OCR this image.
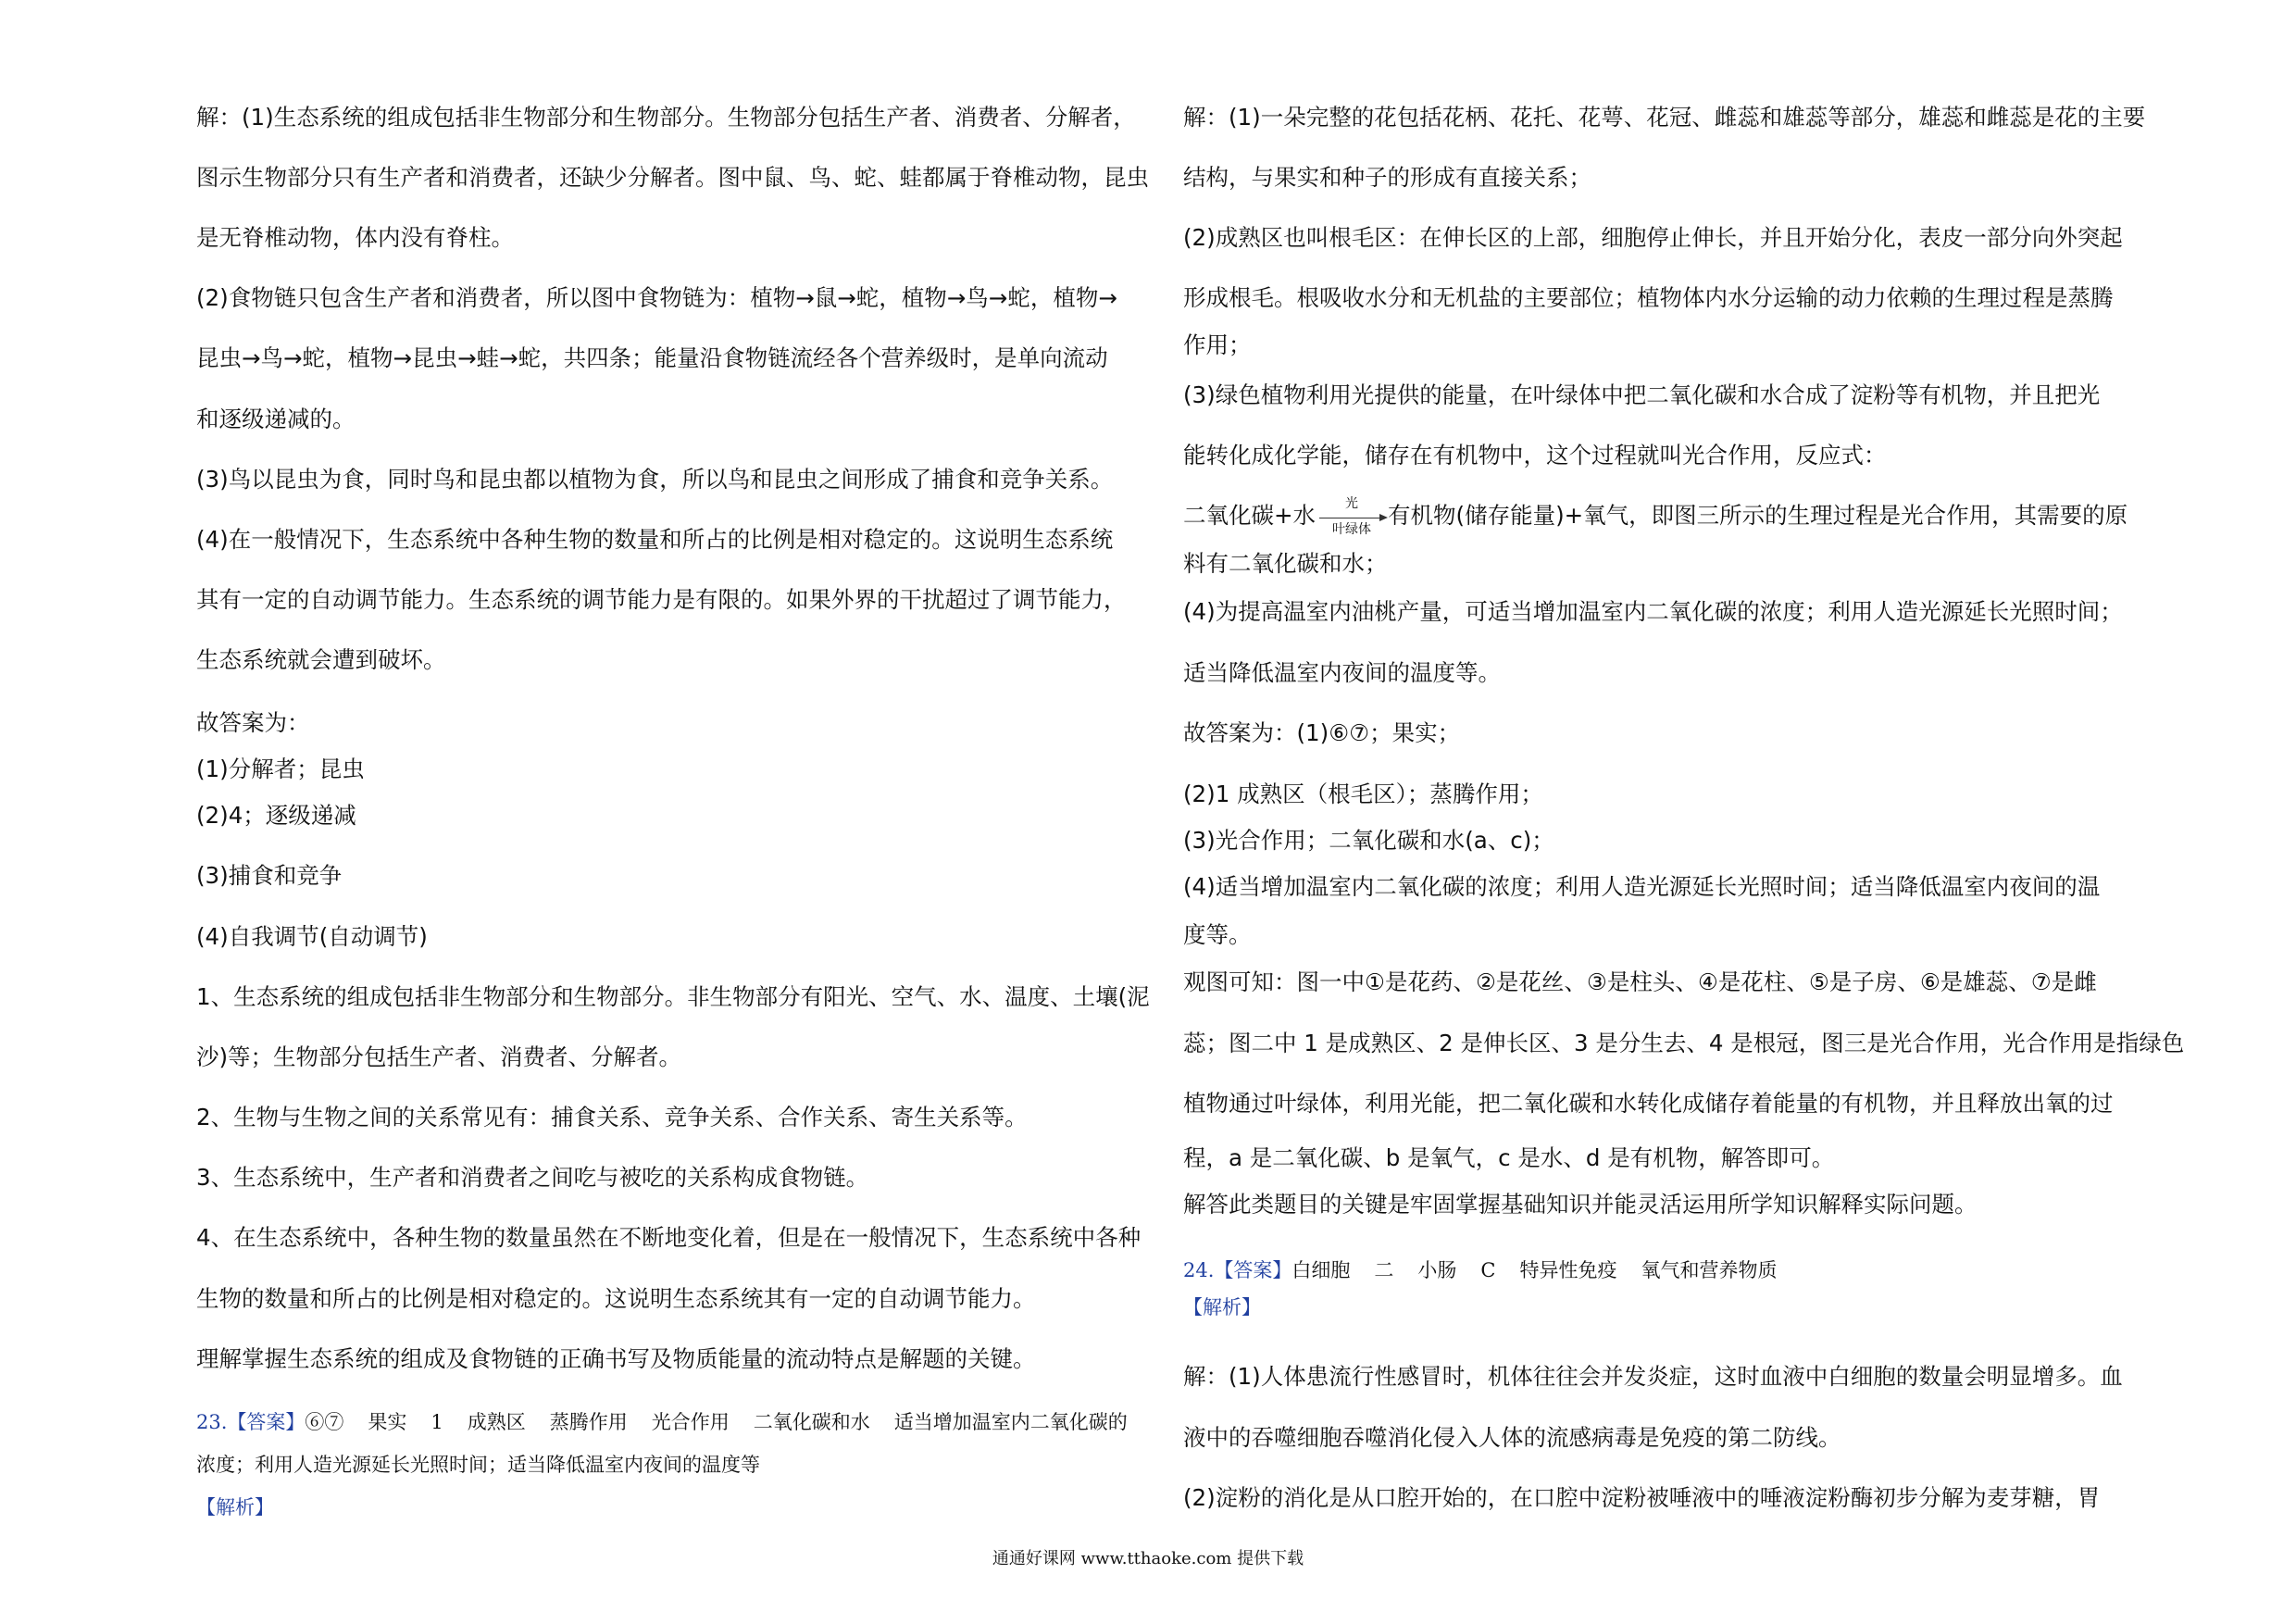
解：(1)生态系统的组成包括非生物部分和生物部分。生物部分包括生产者、消费者、分解者，
图示生物部分只有生产者和消费者，还缺少分解者。图中鼠、鸟、蛇、蛙都属于脊椎动物，昆虫
是无脊椎动物，体内没有脊柱。
(2)食物链只包含生产者和消费者，所以图中食物链为：植物→鼠→蛇，植物→鸟→蛇，植物→
昆虫→鸟→蛇，植物→昆虫→蛙→蛇，共四条；能量沿食物链流经各个营养级时，是单向流动
和逐级递减的。
(3)鸟以昆虫为食，同时鸟和昆虫都以植物为食，所以鸟和昆虫之间形成了捕食和竞争关系。
(4)在一般情况下，生态系统中各种生物的数量和所占的比例是相对稳定的。这说明生态系统
其有一定的自动调节能力。生态系统的调节能力是有限的。如果外界的干扰超过了调节能力，
生态系统就会遭到破坏。
故答案为：
(1)分解者；昆虫
(2)4；逐级递减
(3)捕食和竞争
(4)自我调节(自动调节)
1、生态系统的组成包括非生物部分和生物部分。非生物部分有阳光、空气、水、温度、土壤(泥
沙)等；生物部分包括生产者、消费者、分解者。
2、生物与生物之间的关系常见有：捕食关系、竞争关系、合作关系、寄生关系等。
3、生态系统中，生产者和消费者之间吃与被吃的关系构成食物链。
4、在生态系统中，各种生物的数量虽然在不断地变化着，但是在一般情况下，生态系统中各种
生物的数量和所占的比例是相对稳定的。这说明生态系统其有一定的自动调节能力。
理解掌握生态系统的组成及食物链的正确书写及物质能量的流动特点是解题的关键。
23.【答案】⑥⑦ 果实 1 成熟区 蒸腾作用 光合作用 二氧化碳和水 适当增加温室内二氧化碳的
浓度；利用人造光源延长光照时间；适当降低温室内夜间的温度等
【解析】
解：(1)一朵完整的花包括花柄、花托、花萼、花冠、雌蕊和雄蕊等部分，雄蕊和雌蕊是花的主要
结构，与果实和种子的形成有直接关系；
(2)成熟区也叫根毛区：在伸长区的上部，细胞停止伸长，并且开始分化，表皮一部分向外突起
形成根毛。根吸收水分和无机盐的主要部位；植物体内水分运输的动力依赖的生理过程是蒸腾
作用；
(3)绿色植物利用光提供的能量，在叶绿体中把二氧化碳和水合成了淀粉等有机物，并且把光
能转化成化学能，储存在有机物中，这个过程就叫光合作用，反应式：
二氧化碳+水	光
叶绿体
有机物(储存能量)+氧气，即图三所示的生理过程是光合作用，其需要的原
料有二氧化碳和水；
(4)为提高温室内油桃产量，可适当增加温室内二氧化碳的浓度；利用人造光源延长光照时间；
适当降低温室内夜间的温度等。
故答案为：(1)⑥⑦；果实；
(2)1 成熟区（根毛区）；蒸腾作用；
(3)光合作用；二氧化碳和水(a、c)；
(4)适当增加温室内二氧化碳的浓度；利用人造光源延长光照时间；适当降低温室内夜间的温
度等。
观图可知：图一中①是花药、②是花丝、③是柱头、④是花柱、⑤是子房、⑥是雄蕊、⑦是雌
蕊；图二中 1 是成熟区、2 是伸长区、3 是分生去、4 是根冠，图三是光合作用，光合作用是指绿色
植物通过叶绿体，利用光能，把二氧化碳和水转化成储存着能量的有机物，并且释放出氧的过
程，a 是二氧化碳、b 是氧气，c 是水、d 是有机物，解答即可。
解答此类题目的关键是牢固掌握基础知识并能灵活运用所学知识解释实际问题。
24.【答案】白细胞 二 小肠 C 特异性免疫 氧气和营养物质
【解析】
解：(1)人体患流行性感冒时，机体往往会并发炎症，这时血液中白细胞的数量会明显增多。血
液中的吞噬细胞吞噬消化侵入人体的流感病毒是免疫的第二防线。
(2)淀粉的消化是从口腔开始的，在口腔中淀粉被唾液中的唾液淀粉酶初步分解为麦芽糖，胃
通通好课网 www.tthaoke.com 提供下载
